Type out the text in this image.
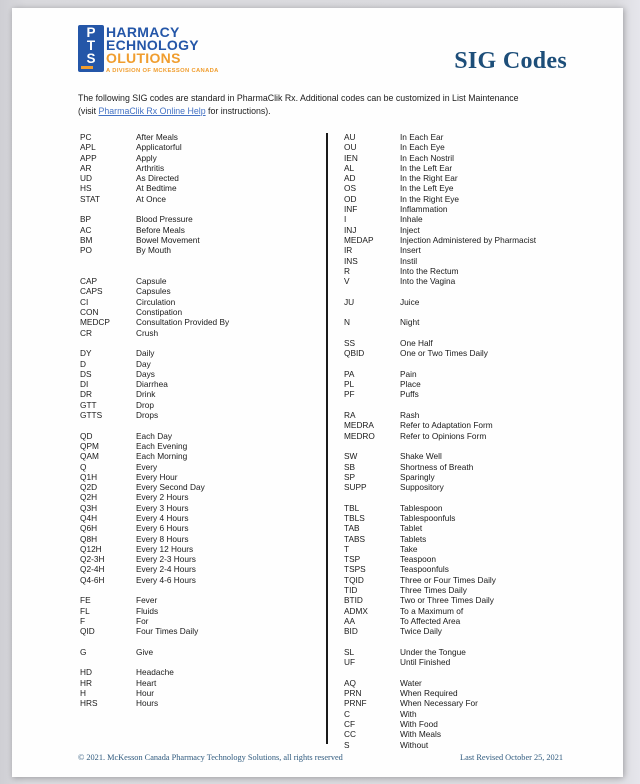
P
T
S
HARMACY
ECHNOLOGY
OLUTIONS
A DIVISION OF MCKESSON CANADA	SIG Codes

The following SIG codes are standard in PharmaClik Rx. Additional codes can be customized in List Maintenance (visit PharmaClik Rx Online Help for instructions).

PC	After Meals
APL	Applicatorful
APP	Apply
AR	Arthritis
UD	As Directed
HS	At Bedtime
STAT	At Once
BP	Blood Pressure
AC	Before Meals
BM	Bowel Movement
PO	By Mouth
CAP	Capsule
CAPS	Capsules
CI	Circulation
CON	Constipation
MEDCP	Consultation Provided By
CR	Crush
DY	Daily
D	Day
DS	Days
DI	Diarrhea
DR	Drink
GTT	Drop
GTTS	Drops
QD	Each Day
QPM	Each Evening
QAM	Each Morning
Q	Every
Q1H	Every Hour
Q2D	Every Second Day
Q2H	Every 2 Hours
Q3H	Every 3 Hours
Q4H	Every 4 Hours
Q6H	Every 6 Hours
Q8H	Every 8 Hours
Q12H	Every 12 Hours
Q2-3H	Every 2-3 Hours
Q2-4H	Every 2-4 Hours
Q4-6H	Every 4-6 Hours
FE	Fever
FL	Fluids
F	For
QID	Four Times Daily
G	Give
HD	Headache
HR	Heart
H	Hour
HRS	Hours
AU	In Each Ear
OU	In Each Eye
IEN	In Each Nostril
AL	In the Left Ear
AD	In the Right Ear
OS	In the Left Eye
OD	In the Right Eye
INF	Inflammation
I	Inhale
INJ	Inject
MEDAP	Injection Administered by Pharmacist
IR	Insert
INS	Instil
R	Into the Rectum
V	Into the Vagina
JU	Juice
N	Night
SS	One Half
QBID	One or Two Times Daily
PA	Pain
PL	Place
PF	Puffs
RA	Rash
MEDRA	Refer to Adaptation Form
MEDRO	Refer to Opinions Form
SW	Shake Well
SB	Shortness of Breath
SP	Sparingly
SUPP	Suppository
TBL	Tablespoon
TBLS	Tablespoonfuls
TAB	Tablet
TABS	Tablets
T	Take
TSP	Teaspoon
TSPS	Teaspoonfuls
TQID	Three or Four Times Daily
TID	Three Times Daily
BTID	Two or Three Times Daily
ADMX	To a Maximum of
AA	To Affected Area
BID	Twice Daily
SL	Under the Tongue
UF	Until Finished
AQ	Water
PRN	When Required
PRNF	When Necessary For
C	With
CF	With Food
CC	With Meals
S	Without
© 2021. McKesson Canada Pharmacy Technology Solutions, all rights reserved	Last Revised October 25, 2021
